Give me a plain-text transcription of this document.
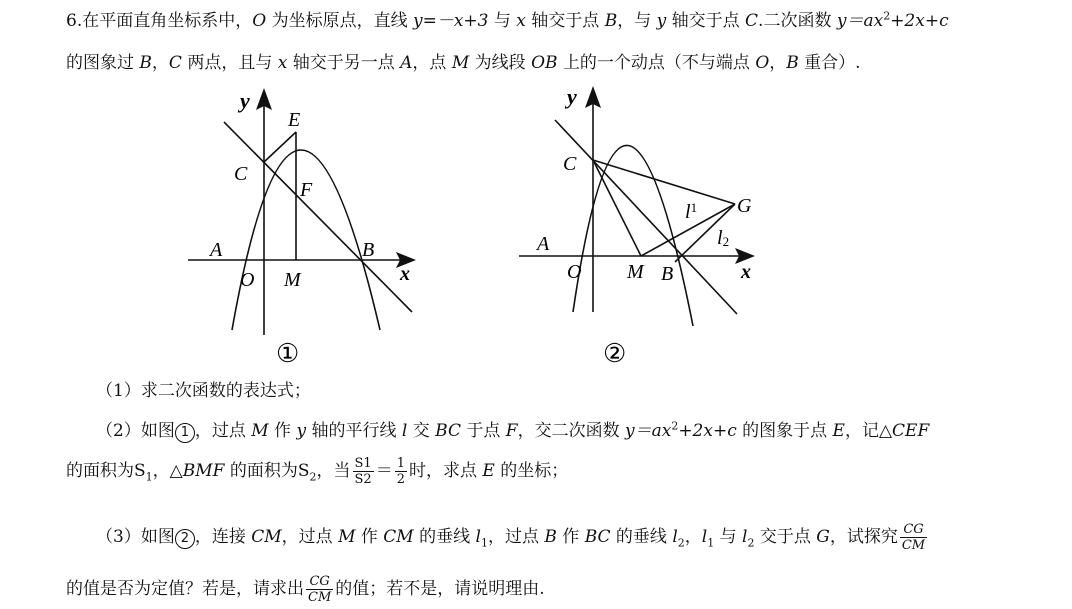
6.在平面直角坐标系中，O 为坐标原点，直线 y=－x+3 与 x 轴交于点 B，与 y 轴交于点 C.二次函数 $y=ax^2+2x+c$
的图象过 B，C 两点，且与 x 轴交于另一点 A，点 M 为线段 OB 上的一个动点（不与端点 O，B 重合）.
y
x
E
C
F
A	B
O M
①
y
x
C
G
$l^1$
l2
A
O M B
②
（1）求二次函数的表达式；
（2）如图 1 ，过点 M 作 y 轴的平行线 l 交 BC 于点 F，交二次函数 $y=ax^2+2x+c$ 的图象于点 E，记△CEF
的面积为$S_1$，△BMF 的面积为$S_2$，当 $\frac{S1}{S2} = \frac{1}{2}$ 时，求点 E 的坐标；
（3）如图 2 ，连接 CM，过点 M 作 CM 的垂线 $l_1$，过点 B 作 BC 的垂线 $l_2$，$l_1$ 与 $l_2$ 交于点 G，试探究 $\frac{CG}{CM}$
的值是否为定值？若是，请求出 $\frac{CG}{CM}$ 的值；若不是，请说明理由.
